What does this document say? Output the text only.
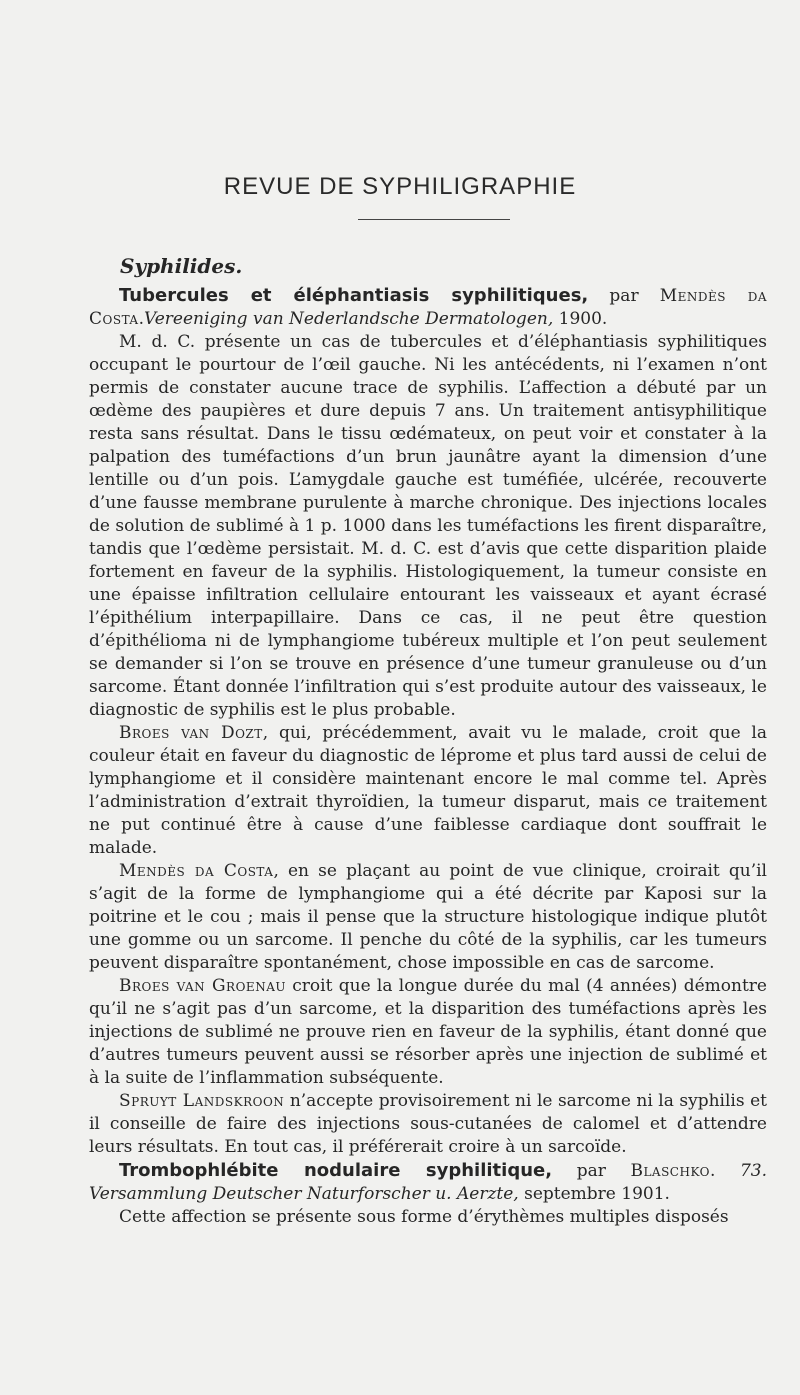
REVUE DE SYPHILIGRAPHIE
Syphilides.

Tubercules et éléphantiasis syphilitiques, par Mendès da Costa.Vereeniging van Nederlandsche Dermatologen, 1900.

M. d. C. présente un cas de tubercules et d’éléphantiasis syphilitiques occupant le pourtour de l’œil gauche. Ni les antécédents, ni l’examen n’ont permis de constater aucune trace de syphilis. L’affection a débuté par un œdème des paupières et dure depuis 7 ans. Un traitement antisyphilitique resta sans résultat. Dans le tissu œdémateux, on peut voir et constater à la palpation des tuméfactions d’un brun jaunâtre ayant la dimension d’une lentille ou d’un pois. L’amygdale gauche est tuméfiée, ulcérée, recouverte d’une fausse membrane purulente à marche chronique. Des injections locales de solution de sublimé à 1 p. 1000 dans les tuméfactions les firent disparaître, tandis que l’œdème persistait. M. d. C. est d’avis que cette disparition plaide fortement en faveur de la syphilis. Histologiquement, la tumeur consiste en une épaisse infiltration cellulaire entourant les vaisseaux et ayant écrasé l’épithélium interpapillaire. Dans ce cas, il ne peut être question d’épithélioma ni de lymphangiome tubéreux multiple et l’on peut seulement se demander si l’on se trouve en présence d’une tumeur granuleuse ou d’un sarcome. Étant donnée l’infiltration qui s’est produite autour des vaisseaux, le diagnostic de syphilis est le plus probable.

Broes van Dozt, qui, précédemment, avait vu le malade, croit que la couleur était en faveur du diagnostic de léprome et plus tard aussi de celui de lymphangiome et il considère maintenant encore le mal comme tel. Après l’administration d’extrait thyroïdien, la tumeur disparut, mais ce traitement ne put continué être à cause d’une faiblesse cardiaque dont souffrait le malade.

Mendès da Costa, en se plaçant au point de vue clinique, croirait qu’il s’agit de la forme de lymphangiome qui a été décrite par Kaposi sur la poitrine et le cou ; mais il pense que la structure histologique indique plutôt une gomme ou un sarcome. Il penche du côté de la syphilis, car les tumeurs peuvent disparaître spontanément, chose impossible en cas de sarcome.

Broes van Groenau croit que la longue durée du mal (4 années) démontre qu’il ne s’agit pas d’un sarcome, et la disparition des tuméfactions après les injections de sublimé ne prouve rien en faveur de la syphilis, étant donné que d’autres tumeurs peuvent aussi se résorber après une injection de sublimé et à la suite de l’inflammation subséquente.

Spruyt Landskroon n’accepte provisoirement ni le sarcome ni la syphilis et il conseille de faire des injections sous-cutanées de calomel et d’attendre leurs résultats. En tout cas, il préférerait croire à un sarcoïde.

Trombophlébite nodulaire syphilitique, par Blaschko. 73. Versammlung Deutscher Naturforscher u. Aerzte, septembre 1901.

Cette affection se présente sous forme d’érythèmes multiples disposés
